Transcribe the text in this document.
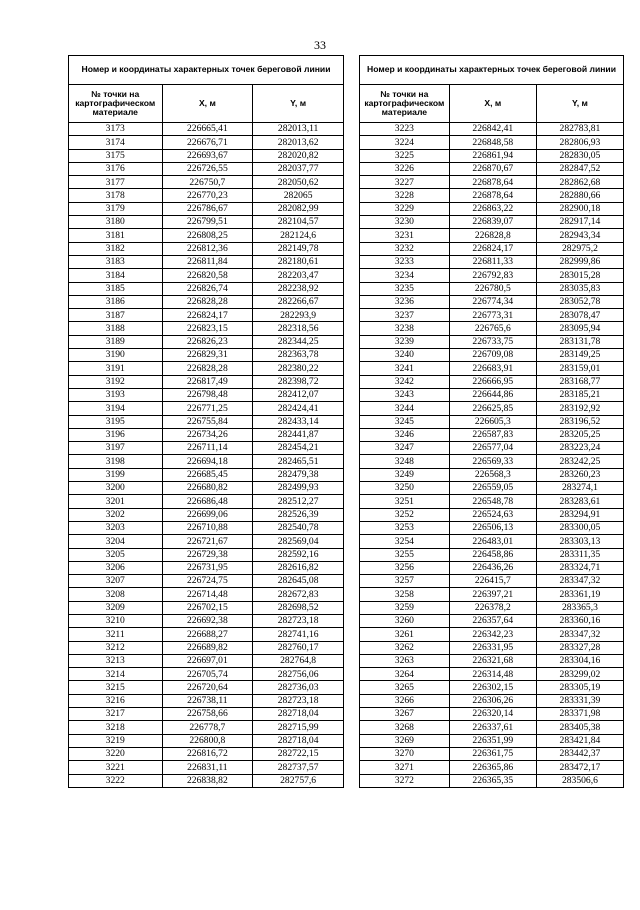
33
Номер и координаты характерных точек береговой линии		
№ точки на картографическом материале	X, м	Y, м
3173	226665,41	282013,11
3174	226676,71	282013,62
3175	226693,67	282020,82
3176	226726,55	282037,77
3177	226750,7	282050,62
3178	226770,23	282065
3179	226786,67	282082,99
3180	226799,51	282104,57
3181	226808,25	282124,6
3182	226812,36	282149,78
3183	226811,84	282180,61
3184	226820,58	282203,47
3185	226826,74	282238,92
3186	226828,28	282266,67
3187	226824,17	282293,9
3188	226823,15	282318,56
3189	226826,23	282344,25
3190	226829,31	282363,78
3191	226828,28	282380,22
3192	226817,49	282398,72
3193	226798,48	282412,07
3194	226771,25	282424,41
3195	226755,84	282433,14
3196	226734,26	282441,87
3197	226711,14	282454,21
3198	226694,18	282465,51
3199	226685,45	282479,38
3200	226680,82	282499,93
3201	226686,48	282512,27
3202	226699,06	282526,39
3203	226710,88	282540,78
3204	226721,67	282569,04
3205	226729,38	282592,16
3206	226731,95	282616,82
3207	226724,75	282645,08
3208	226714,48	282672,83
3209	226702,15	282698,52
3210	226692,38	282723,18
3211	226688,27	282741,16
3212	226689,82	282760,17
3213	226697,01	282764,8
3214	226705,74	282756,06
3215	226720,64	282736,03
3216	226738,11	282723,18
3217	226758,66	282718,04
3218	226778,7	282715,99
3219	226800,8	282718,04
3220	226816,72	282722,15
3221	226831,11	282737,57
3222	226838,82	282757,6
Номер и координаты характерных точек береговой линии		
№ точки на картографическом материале	X, м	Y, м
3223	226842,41	282783,81
3224	226848,58	282806,93
3225	226861,94	282830,05
3226	226870,67	282847,52
3227	226878,64	282862,68
3228	226878,64	282880,66
3229	226863,22	282900,18
3230	226839,07	282917,14
3231	226828,8	282943,34
3232	226824,17	282975,2
3233	226811,33	282999,86
3234	226792,83	283015,28
3235	226780,5	283035,83
3236	226774,34	283052,78
3237	226773,31	283078,47
3238	226765,6	283095,94
3239	226733,75	283131,78
3240	226709,08	283149,25
3241	226683,91	283159,01
3242	226666,95	283168,77
3243	226644,86	283185,21
3244	226625,85	283192,92
3245	226605,3	283196,52
3246	226587,83	283205,25
3247	226577,04	283223,24
3248	226569,33	283242,25
3249	226568,3	283260,23
3250	226559,05	283274,1
3251	226548,78	283283,61
3252	226524,63	283294,91
3253	226506,13	283300,05
3254	226483,01	283303,13
3255	226458,86	283311,35
3256	226436,26	283324,71
3257	226415,7	283347,32
3258	226397,21	283361,19
3259	226378,2	283365,3
3260	226357,64	283360,16
3261	226342,23	283347,32
3262	226331,95	283327,28
3263	226321,68	283304,16
3264	226314,48	283299,02
3265	226302,15	283305,19
3266	226306,26	283331,39
3267	226320,14	283371,98
3268	226337,61	283405,38
3269	226351,99	283421,84
3270	226361,75	283442,37
3271	226365,86	283472,17
3272	226365,35	283506,6
